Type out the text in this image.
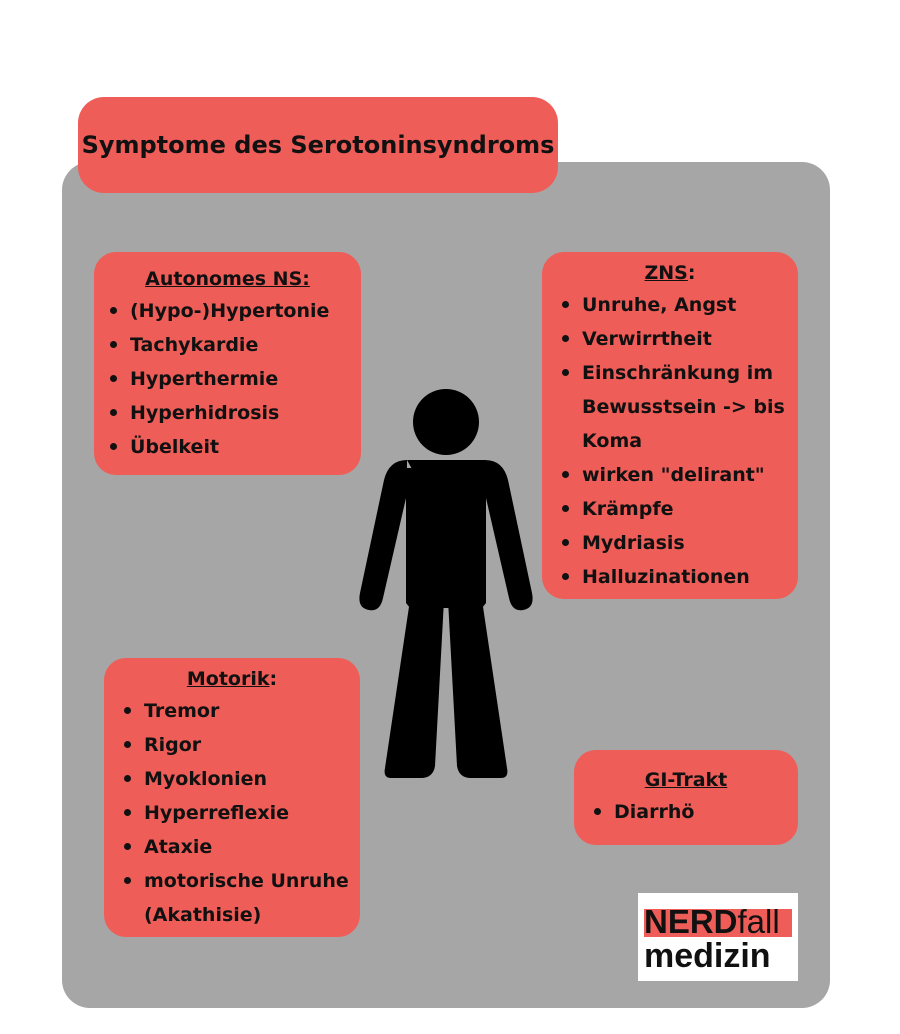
Symptome des Serotoninsyndroms
Autonomes NS:
(Hypo-)Hypertonie
Tachykardie
Hyperthermie
Hyperhidrosis
Übelkeit
ZNS:
Unruhe, Angst
Verwirrtheit
Einschränkung im Bewusstsein -> bis Koma
wirken "delirant"
Krämpfe
Mydriasis
Halluzinationen
Motorik:
Tremor
Rigor
Myoklonien
Hyperreflexie
Ataxie
motorische Unruhe (Akathisie)
GI-Trakt
Diarrhö
NERDfall
medizin
